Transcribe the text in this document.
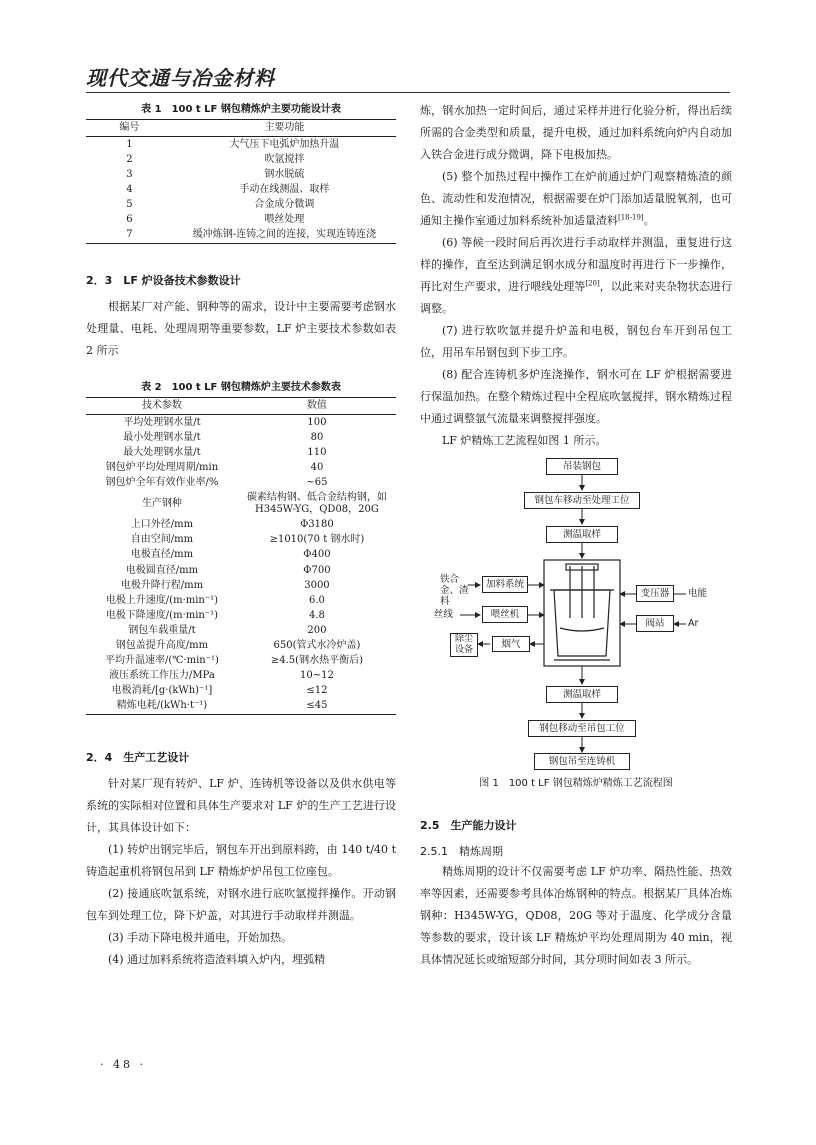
现代交通与冶金材料
表 1　100 t LF 钢包精炼炉主要功能设计表
编号	主要功能
1	大气压下电弧炉加热升温
2	吹氩搅拌
3	钢水脱硫
4	手动在线测温、取样
5	合金成分微调
6	喂丝处理
7	缓冲炼钢-连铸之间的连接，实现连铸连浇
2．3　LF 炉设备技术参数设计

根据某厂对产能、钢种等的需求，设计中主要需要考虑钢水处理量、电耗、处理周期等重要参数，LF 炉主要技术参数如表 2 所示

表 2　100 t LF 钢包精炼炉主要技术参数表
技术参数	数值
平均处理钢水量/t	100
最小处理钢水量/t	80
最大处理钢水量/t	110
钢包炉平均处理周期/min	40
钢包炉全年有效作业率/%	~65
生产钢种	碳素结构钢、低合金结构钢，如 H345W-YG，QD08，20G
上口外径/mm	Φ3180
自由空间/mm	≥1010(70 t 钢水时)
电极直径/mm	Φ400
电极圆直径/mm	Φ700
电极升降行程/mm	3000
电极上升速度/(m·min⁻¹)	6.0
电极下降速度/(m·min⁻¹)	4.8
钢包车载重量/t	200
钢包盖提升高度/mm	650(管式水冷炉盖)
平均升温速率/(℃·min⁻¹)	≥4.5(钢水热平衡后)
液压系统工作压力/MPa	10~12
电极消耗/[g·(kWh)⁻¹]	≤12
精炼电耗/(kWh·t⁻¹)	≤45
2．4　生产工艺设计

针对某厂现有转炉、LF 炉、连铸机等设备以及供水供电等系统的实际相对位置和具体生产要求对 LF 炉的生产工艺进行设计，其具体设计如下：

(1) 转炉出钢完毕后，钢包车开出到原料跨，由 140 t/40 t 铸造起重机将钢包吊到 LF 精炼炉炉吊包工位座包。

(2) 接通底吹氩系统，对钢水进行底吹氩搅拌操作。开动钢包车到处理工位，降下炉盖，对其进行手动取样并测温。

(3) 手动下降电极并通电，开始加热。

(4) 通过加料系统将造渣料填入炉内，埋弧精

炼，钢水加热一定时间后，通过采样并进行化验分析，得出后续所需的合金类型和质量，提升电极，通过加料系统向炉内自动加入铁合金进行成分微调，降下电极加热。

(5) 整个加热过程中操作工在炉前通过炉门观察精炼渣的颜色、流动性和发泡情况，根据需要在炉门添加适量脱氧剂，也可通知主操作室通过加料系统补加适量渣料[18-19]。

(6) 等候一段时间后再次进行手动取样并测温，重复进行这样的操作，直至达到满足钢水成分和温度时再进行下一步操作，再比对生产要求，进行喂线处理等[20]，以此来对夹杂物状态进行调整。

(7) 进行软吹氩并提升炉盖和电极，钢包台车开到吊包工位，用吊车吊钢包到下步工序。

(8) 配合连铸机多炉连浇操作，钢水可在 LF 炉根据需要进行保温加热。在整个精炼过程中全程底吹氩搅拌，钢水精炼过程中通过调整氩气流量来调整搅拌强度。

LF 炉精炼工艺流程如图 1 所示。

吊装钢包
钢包车移动至处理工位
测温取样
铁合金、渣料
加料系统
丝线	喂丝机
除尘设备
烟气
变压器	电能
阀站	Ar
测温取样
钢包移动至吊包工位
钢包吊至连铸机
图 1　100 t LF 钢包精炼炉精炼工艺流程图
2.5　生产能力设计
2.5.1　精炼周期

精炼周期的设计不仅需要考虑 LF 炉功率、隔热性能、热效率等因素，还需要参考具体冶炼钢种的特点。根据某厂具体冶炼钢种：H345W-YG，QD08，20G 等对于温度、化学成分含量等参数的要求，设计该 LF 精炼炉平均处理周期为 40 min，视具体情况延长或缩短部分时间，其分项时间如表 3 所示。

· 48 ·
